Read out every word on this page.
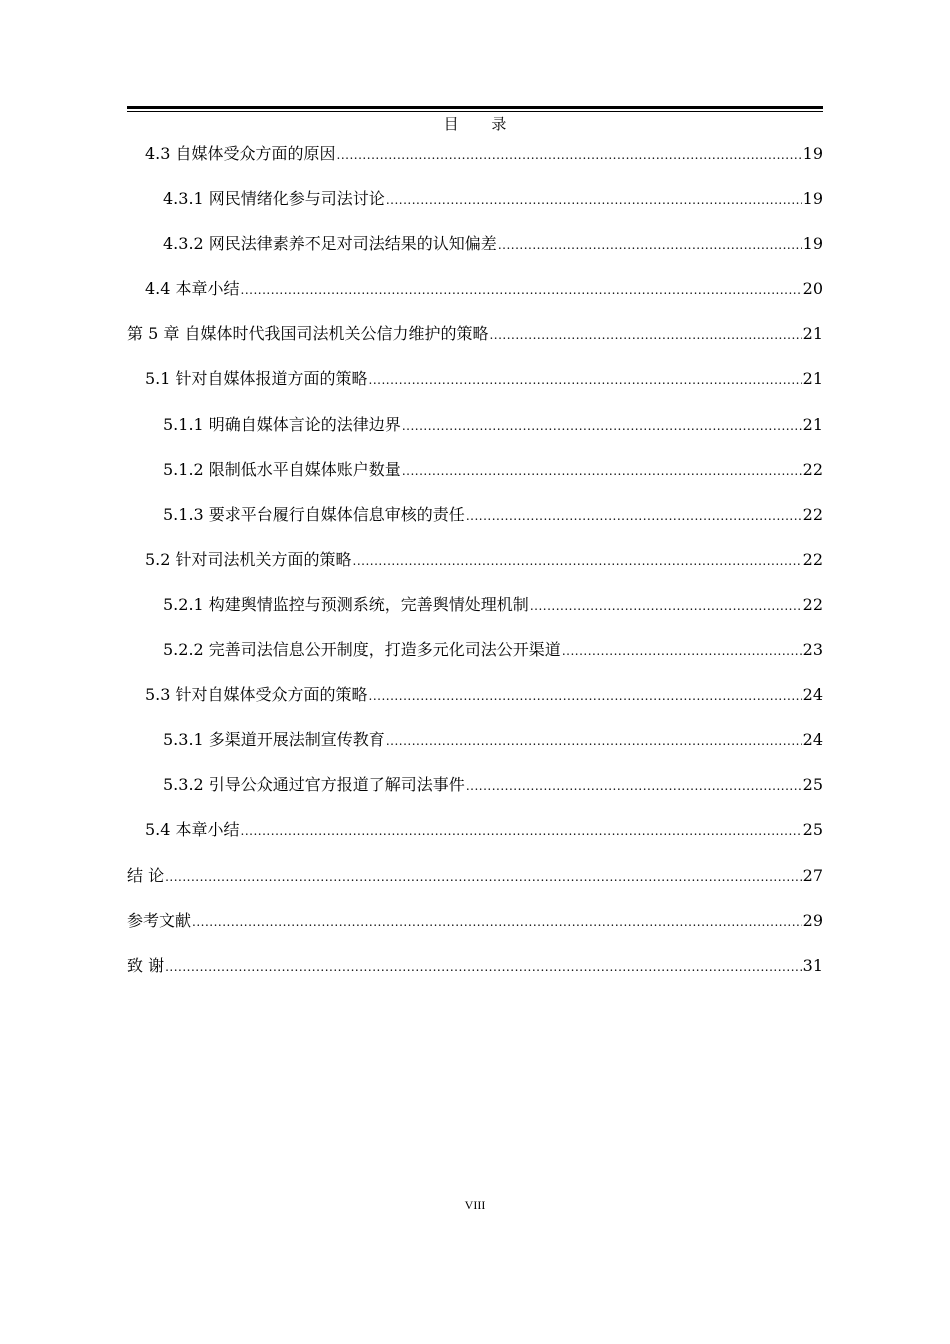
目 录
4.3 自媒体受众方面的原因 .....	19
4.3.1 网民情绪化参与司法讨论 .....	19
4.3.2 网民法律素养不足对司法结果的认知偏差 .....	19
4.4 本章小结 .....	20
第 5 章 自媒体时代我国司法机关公信力维护的策略 .....	21
5.1 针对自媒体报道方面的策略 .....	21
5.1.1 明确自媒体言论的法律边界 .....	21
5.1.2 限制低水平自媒体账户数量 .....	22
5.1.3 要求平台履行自媒体信息审核的责任 .....	22
5.2 针对司法机关方面的策略 .....	22
5.2.1 构建舆情监控与预测系统，完善舆情处理机制 .....	22
5.2.2 完善司法信息公开制度，打造多元化司法公开渠道 .....	23
5.3 针对自媒体受众方面的策略 .....	24
5.3.1 多渠道开展法制宣传教育 .....	24
5.3.2 引导公众通过官方报道了解司法事件 .....	25
5.4 本章小结 .....	25
结 论 .....	27
参考文献 .....	29
致 谢 .....	31
VIII
